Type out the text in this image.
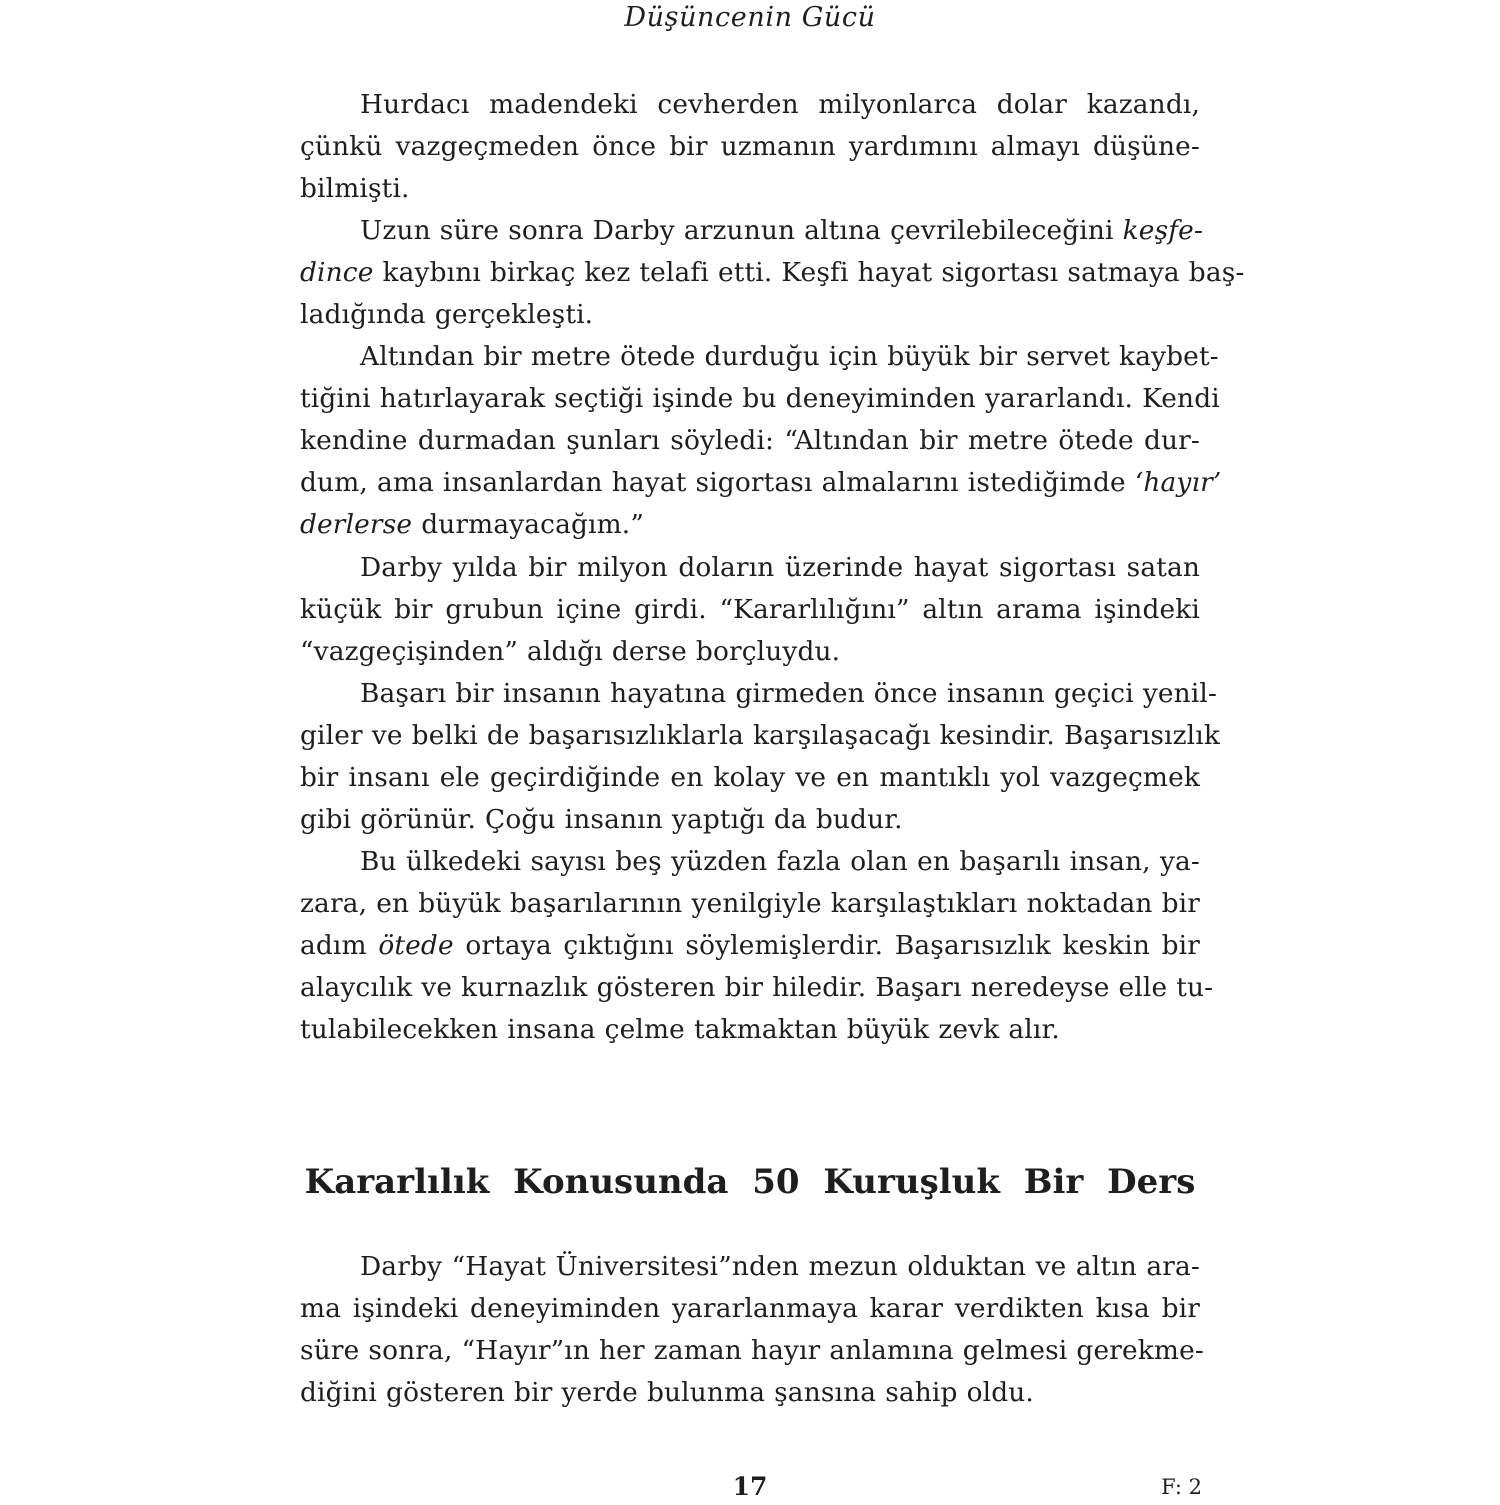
Düşüncenin Gücü
Hurdacı madendeki cevherden milyonlarca dolar kazandı,
çünkü vazgeçmeden önce bir uzmanın yardımını almayı düşüne-
bilmişti.
Uzun süre sonra Darby arzunun altına çevrilebileceğini keşfe-
dince kaybını birkaç kez telafi etti. Keşfi hayat sigortası satmaya baş-
ladığında gerçekleşti.
Altından bir metre ötede durduğu için büyük bir servet kaybet-
tiğini hatırlayarak seçtiği işinde bu deneyiminden yararlandı. Kendi
kendine durmadan şunları söyledi: “Altından bir metre ötede dur-
dum, ama insanlardan hayat sigortası almalarını istediğimde ‘hayır’
derlerse durmayacağım.”
Darby yılda bir milyon doların üzerinde hayat sigortası satan
küçük bir grubun içine girdi. “Kararlılığını” altın arama işindeki
“vazgeçişinden” aldığı derse borçluydu.
Başarı bir insanın hayatına girmeden önce insanın geçici yenil-
giler ve belki de başarısızlıklarla karşılaşacağı kesindir. Başarısızlık
bir insanı ele geçirdiğinde en kolay ve en mantıklı yol vazgeçmek
gibi görünür. Çoğu insanın yaptığı da budur.
Bu ülkedeki sayısı beş yüzden fazla olan en başarılı insan, ya-
zara, en büyük başarılarının yenilgiyle karşılaştıkları noktadan bir
adım ötede ortaya çıktığını söylemişlerdir. Başarısızlık keskin bir
alaycılık ve kurnazlık gösteren bir hiledir. Başarı neredeyse elle tu-
tulabilecekken insana çelme takmaktan büyük zevk alır.
Kararlılık Konusunda 50 Kuruşluk Bir Ders
Darby “Hayat Üniversitesi”nden mezun olduktan ve altın ara-
ma işindeki deneyiminden yararlanmaya karar verdikten kısa bir
süre sonra, “Hayır”ın her zaman hayır anlamına gelmesi gerekme-
diğini gösteren bir yerde bulunma şansına sahip oldu.
17	F: 2
